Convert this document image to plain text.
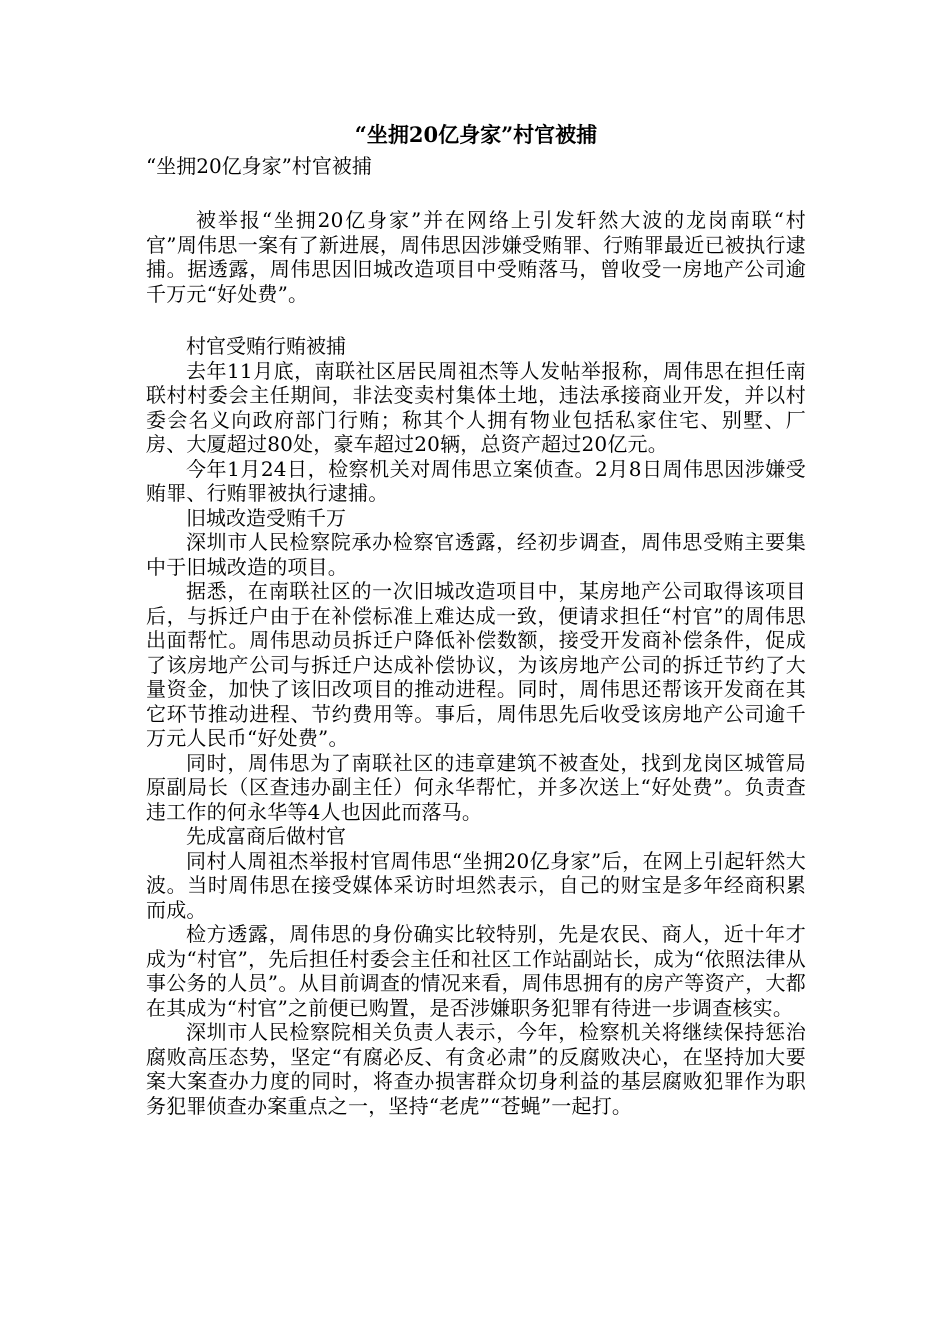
“坐拥20亿身家”村官被捕

“坐拥20亿身家”村官被捕

被举报“坐拥20亿身家”并在网络上引发轩然大波的龙岗南联“村官”周伟思一案有了新进展，周伟思因涉嫌受贿罪、行贿罪最近已被执行逮捕。据透露，周伟思因旧城改造项目中受贿落马，曾收受一房地产公司逾千万元“好处费”。

村官受贿行贿被捕

去年11月底，南联社区居民周祖杰等人发帖举报称，周伟思在担任南联村村委会主任期间，非法变卖村集体土地，违法承接商业开发，并以村委会名义向政府部门行贿；称其个人拥有物业包括私家住宅、别墅、厂房、大厦超过80处，豪车超过20辆，总资产超过20亿元。

今年1月24日，检察机关对周伟思立案侦查。2月8日周伟思因涉嫌受贿罪、行贿罪被执行逮捕。

旧城改造受贿千万

深圳市人民检察院承办检察官透露，经初步调查，周伟思受贿主要集中于旧城改造的项目。

据悉，在南联社区的一次旧城改造项目中，某房地产公司取得该项目后，与拆迁户由于在补偿标准上难达成一致，便请求担任“村官”的周伟思出面帮忙。周伟思动员拆迁户降低补偿数额，接受开发商补偿条件，促成了该房地产公司与拆迁户达成补偿协议，为该房地产公司的拆迁节约了大量资金，加快了该旧改项目的推动进程。同时，周伟思还帮该开发商在其它环节推动进程、节约费用等。事后，周伟思先后收受该房地产公司逾千万元人民币“好处费”。

同时，周伟思为了南联社区的违章建筑不被查处，找到龙岗区城管局原副局长（区查违办副主任）何永华帮忙，并多次送上“好处费”。负责查违工作的何永华等4人也因此而落马。

先成富商后做村官

同村人周祖杰举报村官周伟思“坐拥20亿身家”后，在网上引起轩然大波。当时周伟思在接受媒体采访时坦然表示，自己的财宝是多年经商积累而成。

检方透露，周伟思的身份确实比较特别，先是农民、商人，近十年才成为“村官”，先后担任村委会主任和社区工作站副站长，成为“依照法律从事公务的人员”。从目前调查的情况来看，周伟思拥有的房产等资产，大都在其成为“村官”之前便已购置，是否涉嫌职务犯罪有待进一步调查核实。

深圳市人民检察院相关负责人表示，今年，检察机关将继续保持惩治腐败高压态势，坚定“有腐必反、有贪必肃”的反腐败决心，在坚持加大要案大案查办力度的同时，将查办损害群众切身利益的基层腐败犯罪作为职务犯罪侦查办案重点之一，坚持“老虎”“苍蝇”一起打。
